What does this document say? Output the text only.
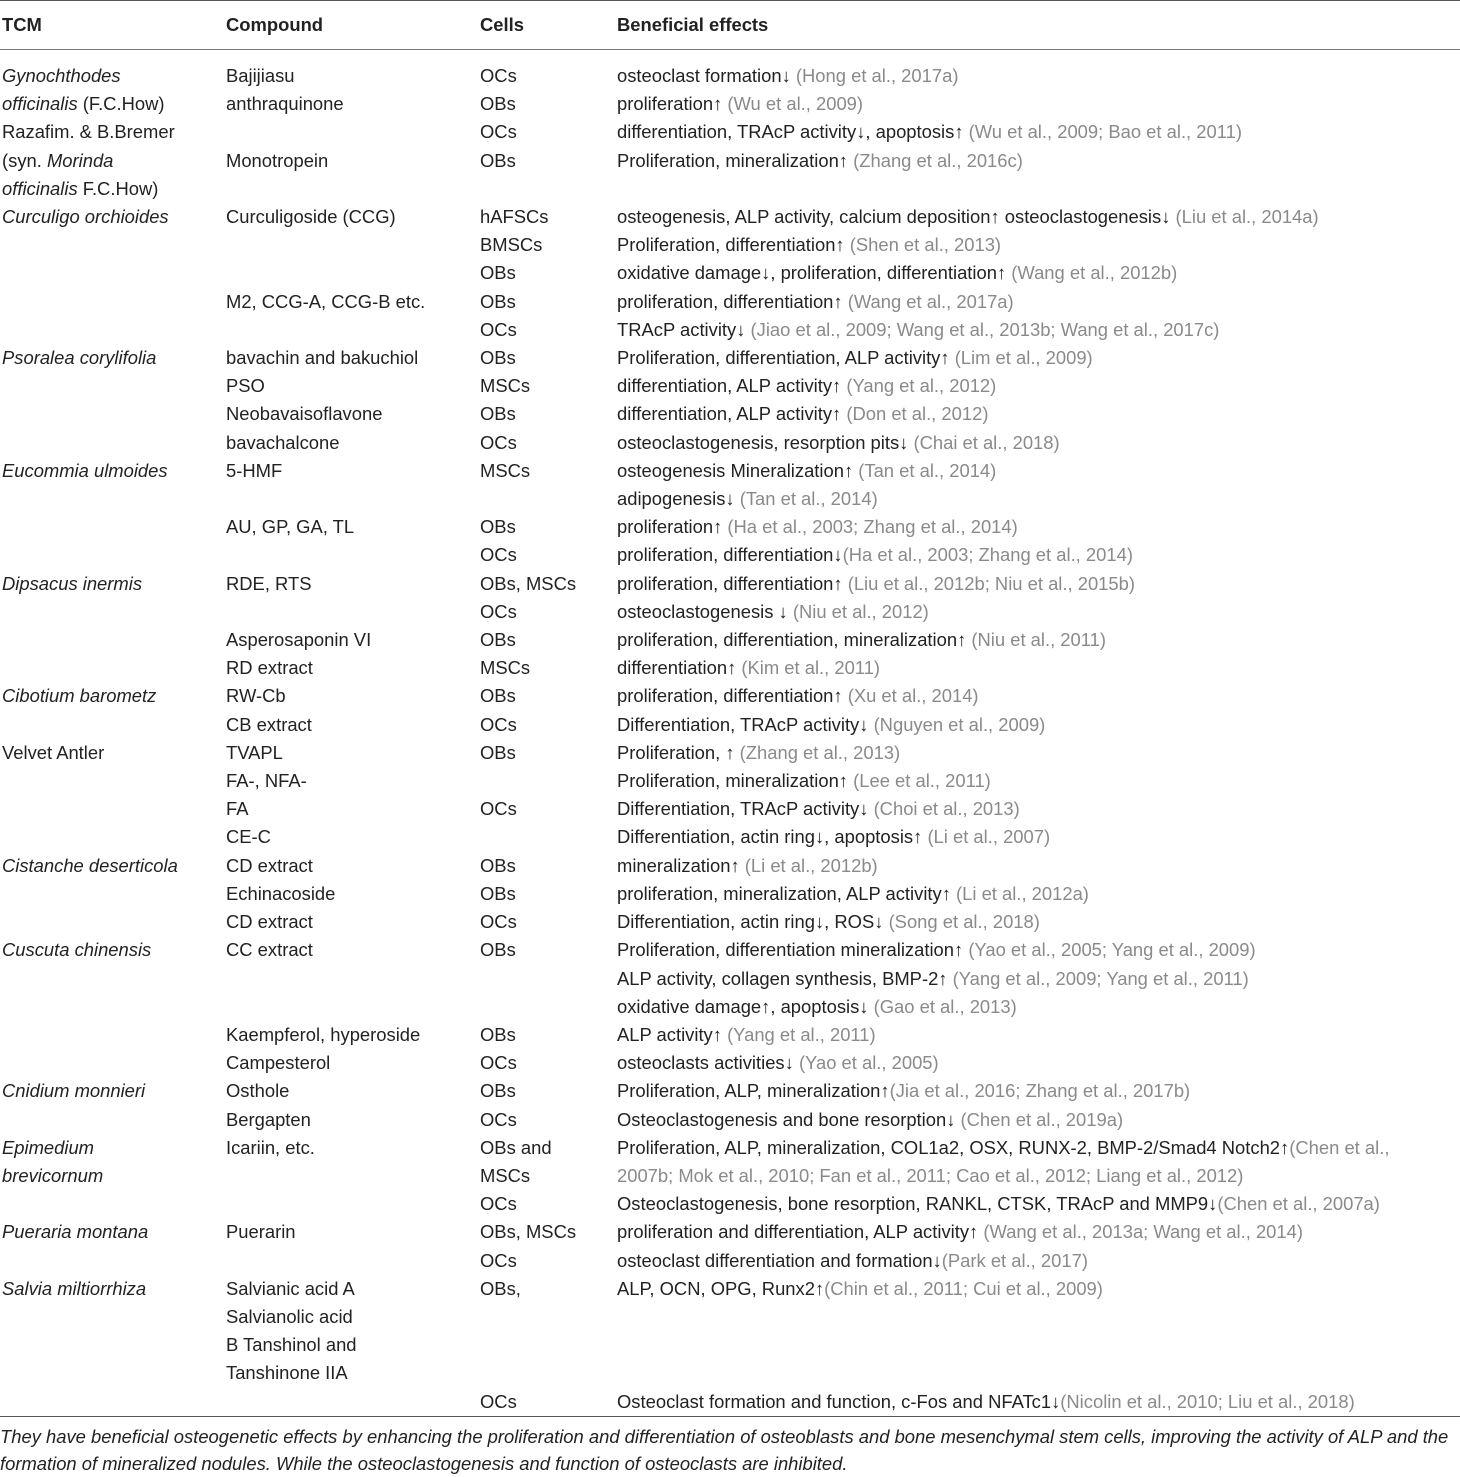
TCM	Compound	Cells	Beneficial effects
Gynochthodes	Bajijiasu	OCs	osteoclast formation↓ (Hong et al., 2017a)
officinalis (F.C.How)	anthraquinone	OBs	proliferation↑ (Wu et al., 2009)
Razafim. & B.Bremer		OCs	differentiation, TRAcP activity↓, apoptosis↑ (Wu et al., 2009; Bao et al., 2011)
(syn. Morinda	Monotropein	OBs	Proliferation, mineralization↑ (Zhang et al., 2016c)
officinalis F.C.How)			
Curculigo orchioides	Curculigoside (CCG)	hAFSCs	osteogenesis, ALP activity, calcium deposition↑ osteoclastogenesis↓ (Liu et al., 2014a)
		BMSCs	Proliferation, differentiation↑ (Shen et al., 2013)
		OBs	oxidative damage↓, proliferation, differentiation↑ (Wang et al., 2012b)
	M2, CCG-A, CCG-B etc.	OBs	proliferation, differentiation↑ (Wang et al., 2017a)
		OCs	TRAcP activity↓ (Jiao et al., 2009; Wang et al., 2013b; Wang et al., 2017c)
Psoralea corylifolia	bavachin and bakuchiol	OBs	Proliferation, differentiation, ALP activity↑ (Lim et al., 2009)
	PSO	MSCs	differentiation, ALP activity↑ (Yang et al., 2012)
	Neobavaisoflavone	OBs	differentiation, ALP activity↑ (Don et al., 2012)
	bavachalcone	OCs	osteoclastogenesis, resorption pits↓ (Chai et al., 2018)
Eucommia ulmoides	5-HMF	MSCs	osteogenesis Mineralization↑ (Tan et al., 2014)
			adipogenesis↓ (Tan et al., 2014)
	AU, GP, GA, TL	OBs	proliferation↑ (Ha et al., 2003; Zhang et al., 2014)
		OCs	proliferation, differentiation↓(Ha et al., 2003; Zhang et al., 2014)
Dipsacus inermis	RDE, RTS	OBs, MSCs	proliferation, differentiation↑ (Liu et al., 2012b; Niu et al., 2015b)
		OCs	osteoclastogenesis ↓ (Niu et al., 2012)
	Asperosaponin VI	OBs	proliferation, differentiation, mineralization↑ (Niu et al., 2011)
	RD extract	MSCs	differentiation↑ (Kim et al., 2011)
Cibotium barometz	RW-Cb	OBs	proliferation, differentiation↑ (Xu et al., 2014)
	CB extract	OCs	Differentiation, TRAcP activity↓ (Nguyen et al., 2009)
Velvet Antler	TVAPL	OBs	Proliferation, ↑ (Zhang et al., 2013)
	FA-, NFA-		Proliferation, mineralization↑ (Lee et al., 2011)
	FA	OCs	Differentiation, TRAcP activity↓ (Choi et al., 2013)
	CE-C		Differentiation, actin ring↓, apoptosis↑ (Li et al., 2007)
Cistanche deserticola	CD extract	OBs	mineralization↑ (Li et al., 2012b)
	Echinacoside	OBs	proliferation, mineralization, ALP activity↑ (Li et al., 2012a)
	CD extract	OCs	Differentiation, actin ring↓, ROS↓ (Song et al., 2018)
Cuscuta chinensis	CC extract	OBs	Proliferation, differentiation mineralization↑ (Yao et al., 2005; Yang et al., 2009)
			ALP activity, collagen synthesis, BMP-2↑ (Yang et al., 2009; Yang et al., 2011)
			oxidative damage↑, apoptosis↓ (Gao et al., 2013)
	Kaempferol, hyperoside	OBs	ALP activity↑ (Yang et al., 2011)
	Campesterol	OCs	osteoclasts activities↓ (Yao et al., 2005)
Cnidium monnieri	Osthole	OBs	Proliferation, ALP, mineralization↑(Jia et al., 2016; Zhang et al., 2017b)
	Bergapten	OCs	Osteoclastogenesis and bone resorption↓ (Chen et al., 2019a)
Epimedium	Icariin, etc.	OBs and	Proliferation, ALP, mineralization, COL1a2, OSX, RUNX-2, BMP-2/Smad4 Notch2↑(Chen et al.,
brevicornum		MSCs	2007b; Mok et al., 2010; Fan et al., 2011; Cao et al., 2012; Liang et al., 2012)
		OCs	Osteoclastogenesis, bone resorption, RANKL, CTSK, TRAcP and MMP9↓(Chen et al., 2007a)
Pueraria montana	Puerarin	OBs, MSCs	proliferation and differentiation, ALP activity↑ (Wang et al., 2013a; Wang et al., 2014)
		OCs	osteoclast differentiation and formation↓(Park et al., 2017)
Salvia miltiorrhiza	Salvianic acid A	OBs,	ALP, OCN, OPG, Runx2↑(Chin et al., 2011; Cui et al., 2009)
	Salvianolic acid		
	B Tanshinol and		
	Tanshinone IIA		
		OCs	Osteoclast formation and function, c-Fos and NFATc1↓(Nicolin et al., 2010; Liu et al., 2018)
They have beneficial osteogenetic effects by enhancing the proliferation and differentiation of osteoblasts and bone mesenchymal stem cells, improving the activity of ALP and the formation of mineralized nodules. While the osteoclastogenesis and function of osteoclasts are inhibited.
